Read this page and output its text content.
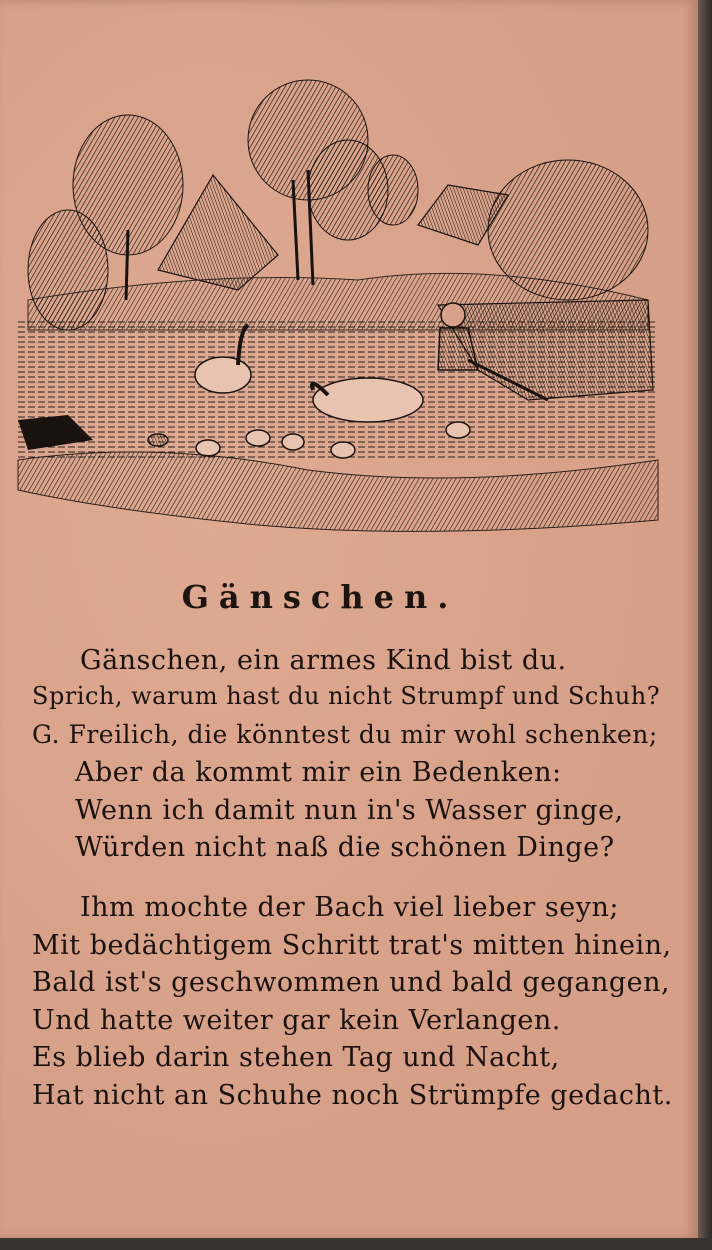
Gänschen.
Gänschen, ein armes Kind bist du.
Sprich, warum hast du nicht Strumpf und Schuh?
G. Freilich, die könntest du mir wohl schenken;
Aber da kommt mir ein Bedenken:
Wenn ich damit nun in's Wasser ginge,
Würden nicht naß die schönen Dinge?
Ihm mochte der Bach viel lieber seyn;
Mit bedächtigem Schritt trat's mitten hinein,
Bald ist's geschwommen und bald gegangen,
Und hatte weiter gar kein Verlangen.
Es blieb darin stehen Tag und Nacht,
Hat nicht an Schuhe noch Strümpfe gedacht.
